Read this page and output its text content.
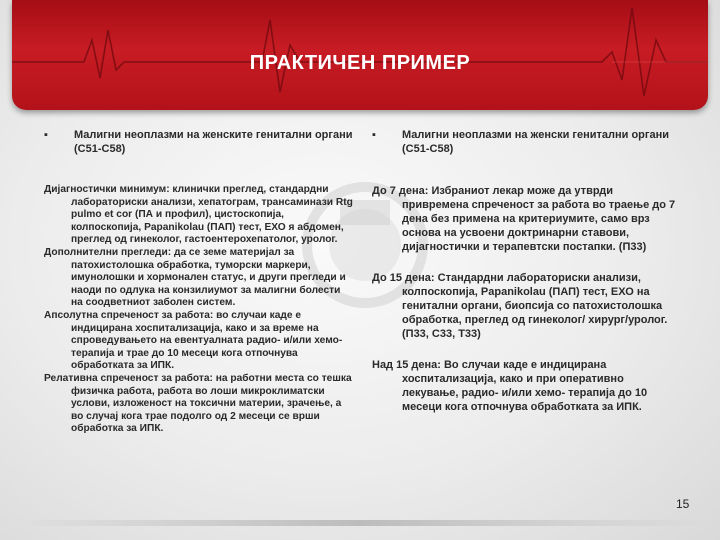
ПРАКТИЧЕН ПРИМЕР
▪	Малигни неоплазми на женските генитални органи (С51-С58)
Дијагностички минимум: клинички преглед, стандардни лабораториски анализи, хепатограм, трансаминази Rtg pulmo et cor (ПА и профил), цистоскопија, колпоскопија, Papanikolau (ПАП) тест, ЕХО я абдомен, преглед од гинеколог, гастоентерохепатолог, уролог.
Дополнителни прегледи: да се земе материјал за патохистолошка обработка, туморски маркери, имунолошки и хормонален статус, и други прегледи и наоди по одлука на конзилиумот за малигни болести на соодветниот заболен систем.
Апсолутна спреченост за работа: во случаи каде е индицирана хоспитализација, како и за време на спроведувањето на евентуалната радио- и/или хемо- терапија и трае до 10 месеци кога отпочнува обработката за ИПК.
Релативна спреченост за работа: на работни места со тешка физичка работа, работа во лоши микроклиматски услови, изложеност на токсични материи, зрачење, а во случај кога трае подолго од 2 месеци се врши обработка за ИПК.
▪	Малигни неоплазми на женски генитални органи (С51-С58)
До 7 дена: Избраниот лекар може да утврди привремена спреченост за работа во траење до 7 дена без примена на критериумите, само врз основа на усвоени доктринарни ставови, дијагностички и терапевтски постапки. (П33)
До 15 дена: Стандардни лабораториски анализи, колпоскопија, Papanikolau (ПАП) тест, ЕХО на генитални органи, биопсија со патохистолошка обработка, преглед од гинеколог/ хирург/уролог. (П33, С33, Т33)
Над 15 дена: Во случаи каде е индицирана хоспитализација, како и при оперативно лекување, радио- и/или хемо- терапија до 10 месеци кога отпочнува обработката за ИПК.
15
